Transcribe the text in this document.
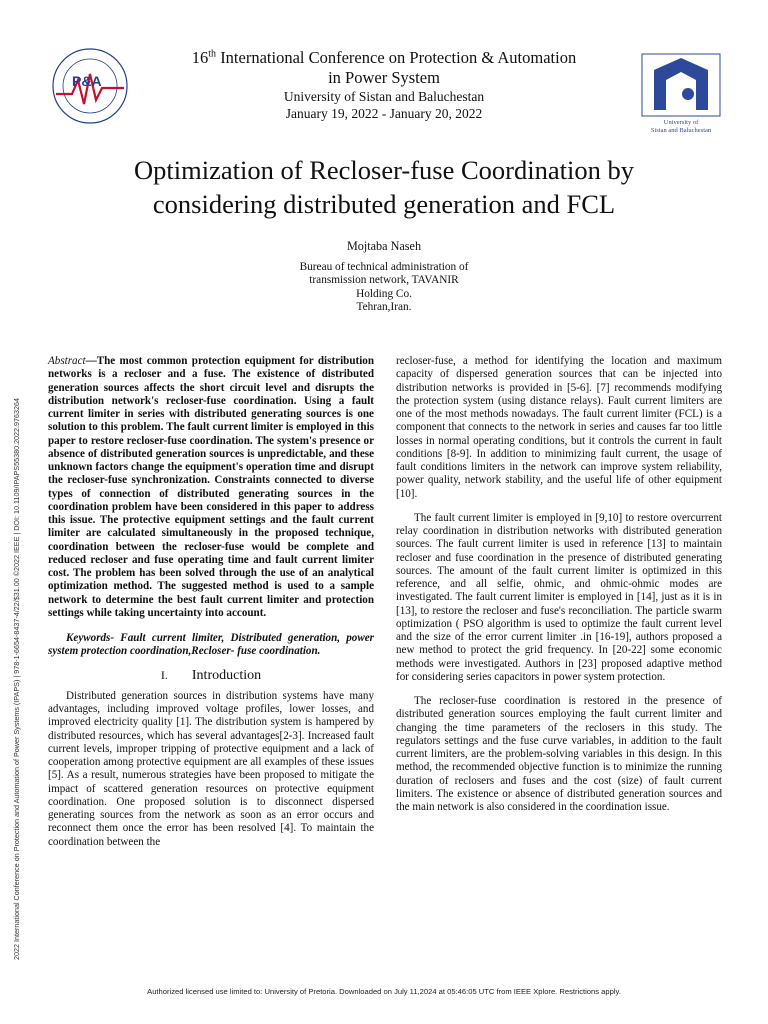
P&A
16th International Conference on Protection & Automation
in Power System
University of Sistan and Baluchestan
January 19, 2022 - January 20, 2022
University of
Sistan and Baluchestan
Optimization of Recloser-fuse Coordination by
considering distributed generation and FCL
Mojtaba Naseh
Bureau of technical administration of
transmission network, TAVANIR
Holding Co.
Tehran,Iran.
2022 International Conference on Protection and Automation of Power Systems (IPAPS) | 978-1-6654-8437-4/22/$31.00 ©2022 IEEE | DOI: 10.1109/IPAPS55380.2022.9763264
Abstract—The most common protection equipment for distribution networks is a recloser and a fuse. The existence of distributed generation sources affects the short circuit level and disrupts the distribution network's recloser-fuse coordination. Using a fault current limiter in series with distributed generating sources is one solution to this problem. The fault current limiter is employed in this paper to restore recloser-fuse coordination. The system's presence or absence of distributed generation sources is unpredictable, and these unknown factors change the equipment's operation time and disrupt the recloser-fuse synchronization. Constraints connected to diverse types of connection of distributed generating sources in the coordination problem have been considered in this paper to address this issue. The protective equipment settings and the fault current limiter are calculated simultaneously in the proposed technique, coordination between the recloser-fuse would be complete and reduced recloser and fuse operating time and fault current limiter cost. The problem has been solved through the use of an analytical optimization method. The suggested method is used to a sample network to determine the best fault current limiter and protection settings while taking uncertainty into account.
Keywords- Fault current limiter, Distributed generation, power system protection coordination,Recloser- fuse coordination.
I. Introduction

Distributed generation sources in distribution systems have many advantages, including improved voltage profiles, lower losses, and improved electricity quality [1]. The distribution system is hampered by distributed resources, which has several advantages[2-3]. Increased fault current levels, improper tripping of protective equipment and a lack of cooperation among protective equipment are all examples of these issues [5]. As a result, numerous strategies have been proposed to mitigate the impact of scattered generation resources on protective equipment coordination. One proposed solution is to disconnect dispersed generating sources from the network as soon as an error occurs and reconnect them once the error has been resolved [4]. To maintain the coordination between the

recloser-fuse, a method for identifying the location and maximum capacity of dispersed generation sources that can be injected into distribution networks is provided in [5-6]. [7] recommends modifying the protection system (using distance relays). Fault current limiters are one of the most methods nowadays. The fault current limiter (FCL) is a component that connects to the network in series and causes far too little losses in normal operating conditions, but it controls the current in fault conditions [8-9]. In addition to minimizing fault current, the usage of fault conditions limiters in the network can improve system reliability, power quality, network stability, and the useful life of other equipment [10].

The fault current limiter is employed in [9,10] to restore overcurrent relay coordination in distribution networks with distributed generation sources. The fault current limiter is used in reference [13] to maintain recloser and fuse coordination in the presence of distributed generating sources. The amount of the fault current limiter is optimized in this reference, and all selfie, ohmic, and ohmic-ohmic modes are investigated. The fault current limiter is employed in [14], just as it is in [13], to restore the recloser and fuse's reconciliation. The particle swarm optimization ( PSO algorithm is used to optimize the fault current level and the size of the error current limiter .in [16-19], authors proposed a new method to protect the grid frequency. In [20-22] some economic methods were investigated. Authors in [23] proposed adaptive method for considering series capacitors in power system protection.

The recloser-fuse coordination is restored in the presence of distributed generation sources employing the fault current limiter and changing the time parameters of the reclosers in this study. The regulators settings and the fuse curve variables, in addition to the fault current limiters, are the problem-solving variables in this design. In this method, the recommended objective function is to minimize the running duration of reclosers and fuses and the cost (size) of fault current limiters. The existence or absence of distributed generation sources and the main network is also considered in the coordination issue.

Authorized licensed use limited to: University of Pretoria. Downloaded on July 11,2024 at 05:46:05 UTC from IEEE Xplore. Restrictions apply.
